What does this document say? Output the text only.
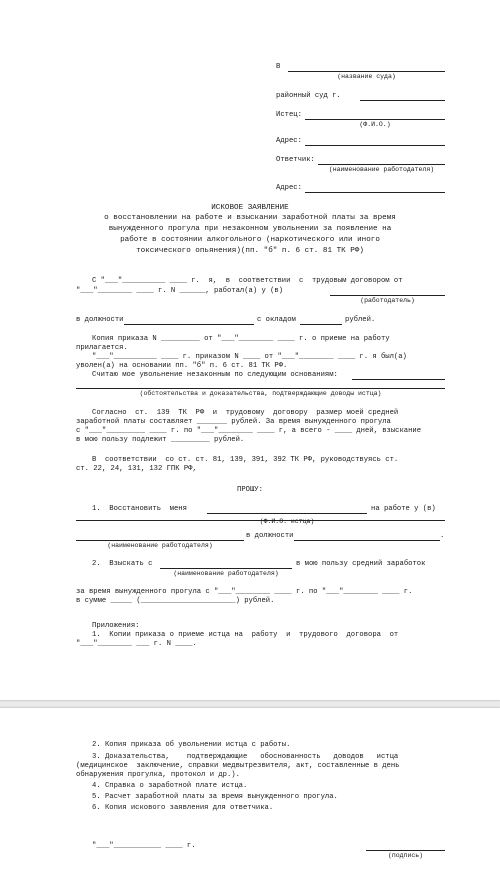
В
(название суда)
районный суд г.
Истец:
(Ф.И.О.)
Адрес:
Ответчик:
(наименование работодателя)
Адрес:
ИСКОВОЕ ЗАЯВЛЕНИЕ
о восстановлении на работе и взыскании заработной платы за время
вынужденного прогула при незаконном увольнении за появление на
работе в состоянии алкогольного (наркотического или иного
токсического опьянения)(пп. "б" п. 6 ст. 81 ТК РФ)
С "___"__________ ____ г.  я,  в  соответствии  с  трудовым договором от
"___"________ ____ г. N ______, работал(а) у (в)
(работодатель)
в должности	с окладом	рублей.
Копия приказа N _________ от "___"________ ____ г. о приеме на работу
прилагается.
"___"__________ ____ г. приказом N ____ от "___"________ ____ г. я был(а)
уволен(а) на основании пп. "б" п. 6 ст. 81 ТК РФ.
Считаю мое увольнение незаконным по следующим основаниям:
(обстоятельства и доказательства, подтверждающие доводы истца)
Согласно  ст.  139  ТК  РФ  и  трудовому  договору  размер моей средней
заработной платы составляет _______ рублей. За время вынужденного прогула
с "___"_________ ____ г. по "___"________ ____ г, а всего - ____ дней, взыскание
в мою пользу подлежит _________ рублей.
В  соответствии  со ст. ст. 81, 139, 391, 392 ТК РФ, руководствуясь ст.
ст. 22, 24, 131, 132 ГПК РФ,
ПРОШУ:
1.  Восстановить  меня	на работе у (в)
(Ф.И.О. истца)
в должности	.
(наименование работодателя)
2.  Взыскать с	в мою пользу средний заработок
(наименование работодателя)
за время вынужденного прогула с "___"________ ____ г. по "___"________ ____ г.
в сумме _____ (______________________) рублей.
Приложения:
1.  Копии приказа о приеме истца на  работу  и  трудового  договора  от
"___"________ ___ г. N ____.
2. Копия приказа об увольнении истца с работы.
3. Доказательства,    подтверждающие   обоснованность   доводов   истца
(медицинское  заключение, справки медвытрезвителя, акт, составленные в день
обнаружения прогулка, протокол и др.).
4. Справка о заработной плате истца.
5. Расчет заработной платы за время вынужденного прогула.
6. Копия искового заявления для ответчика.
"___"___________ ____ г.
(подпись)
